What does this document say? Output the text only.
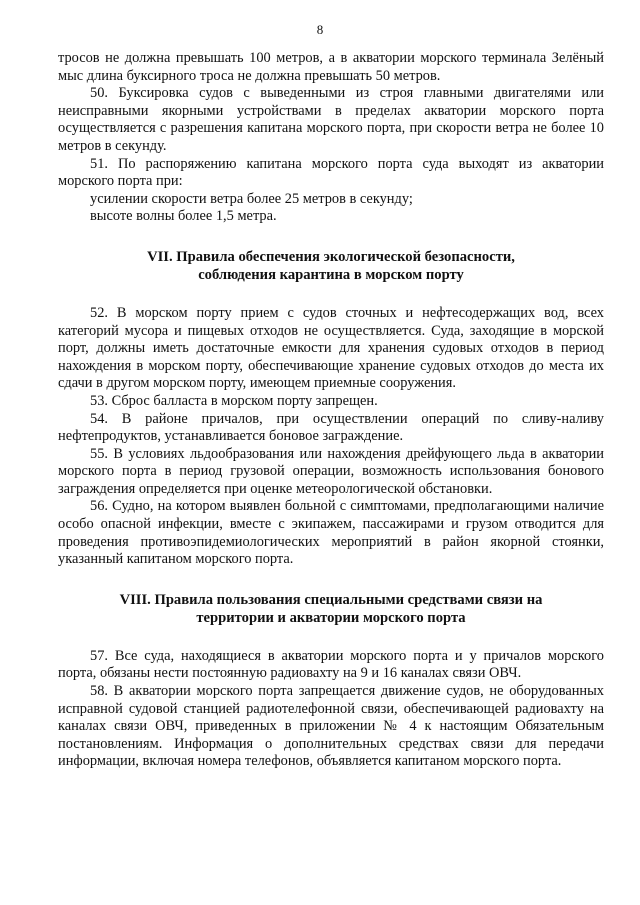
8

тросов не должна превышать 100 метров, а в акватории морского терминала Зелёный мыс длина буксирного троса не должна превышать 50 метров.

50. Буксировка судов с выведенными из строя главными двигателями или неисправными якорными устройствами в пределах акватории морского порта осуществляется с разрешения капитана морского порта, при скорости ветра не более 10 метров в секунду.

51. По распоряжению капитана морского порта суда выходят из акватории морского порта при:

усилении скорости ветра более 25 метров в секунду;

высоте волны более 1,5 метра.

VII. Правила обеспечения экологической безопасности,
соблюдения карантина в морском порту

52. В морском порту прием с судов сточных и нефтесодержащих вод, всех категорий мусора и пищевых отходов не осуществляется. Суда, заходящие в морской порт, должны иметь достаточные емкости для хранения судовых отходов в период нахождения в морском порту, обеспечивающие хранение судовых отходов до места их сдачи в другом морском порту, имеющем приемные сооружения.

53. Сброс балласта в морском порту запрещен.

54. В районе причалов, при осуществлении операций по сливу-наливу нефтепродуктов, устанавливается боновое заграждение.

55. В условиях льдообразования или нахождения дрейфующего льда в акватории морского порта в период грузовой операции, возможность использования бонового заграждения определяется при оценке метеорологической обстановки.

56. Судно, на котором выявлен больной с симптомами, предполагающими наличие особо опасной инфекции, вместе с экипажем, пассажирами и грузом отводится для проведения противоэпидемиологических мероприятий в район якорной стоянки, указанный капитаном морского порта.

VIII. Правила пользования специальными средствами связи на
территории и акватории морского порта

57. Все суда, находящиеся в акватории морского порта и у причалов морского порта, обязаны нести постоянную радиовахту на 9 и 16 каналах связи ОВЧ.

58. В акватории морского порта запрещается движение судов, не оборудованных исправной судовой станцией радиотелефонной связи, обеспечивающей радиовахту на каналах связи ОВЧ, приведенных в приложении № 4 к настоящим Обязательным постановлениям. Информация о дополнительных средствах связи для передачи информации, включая номера телефонов, объявляется капитаном морского порта.
